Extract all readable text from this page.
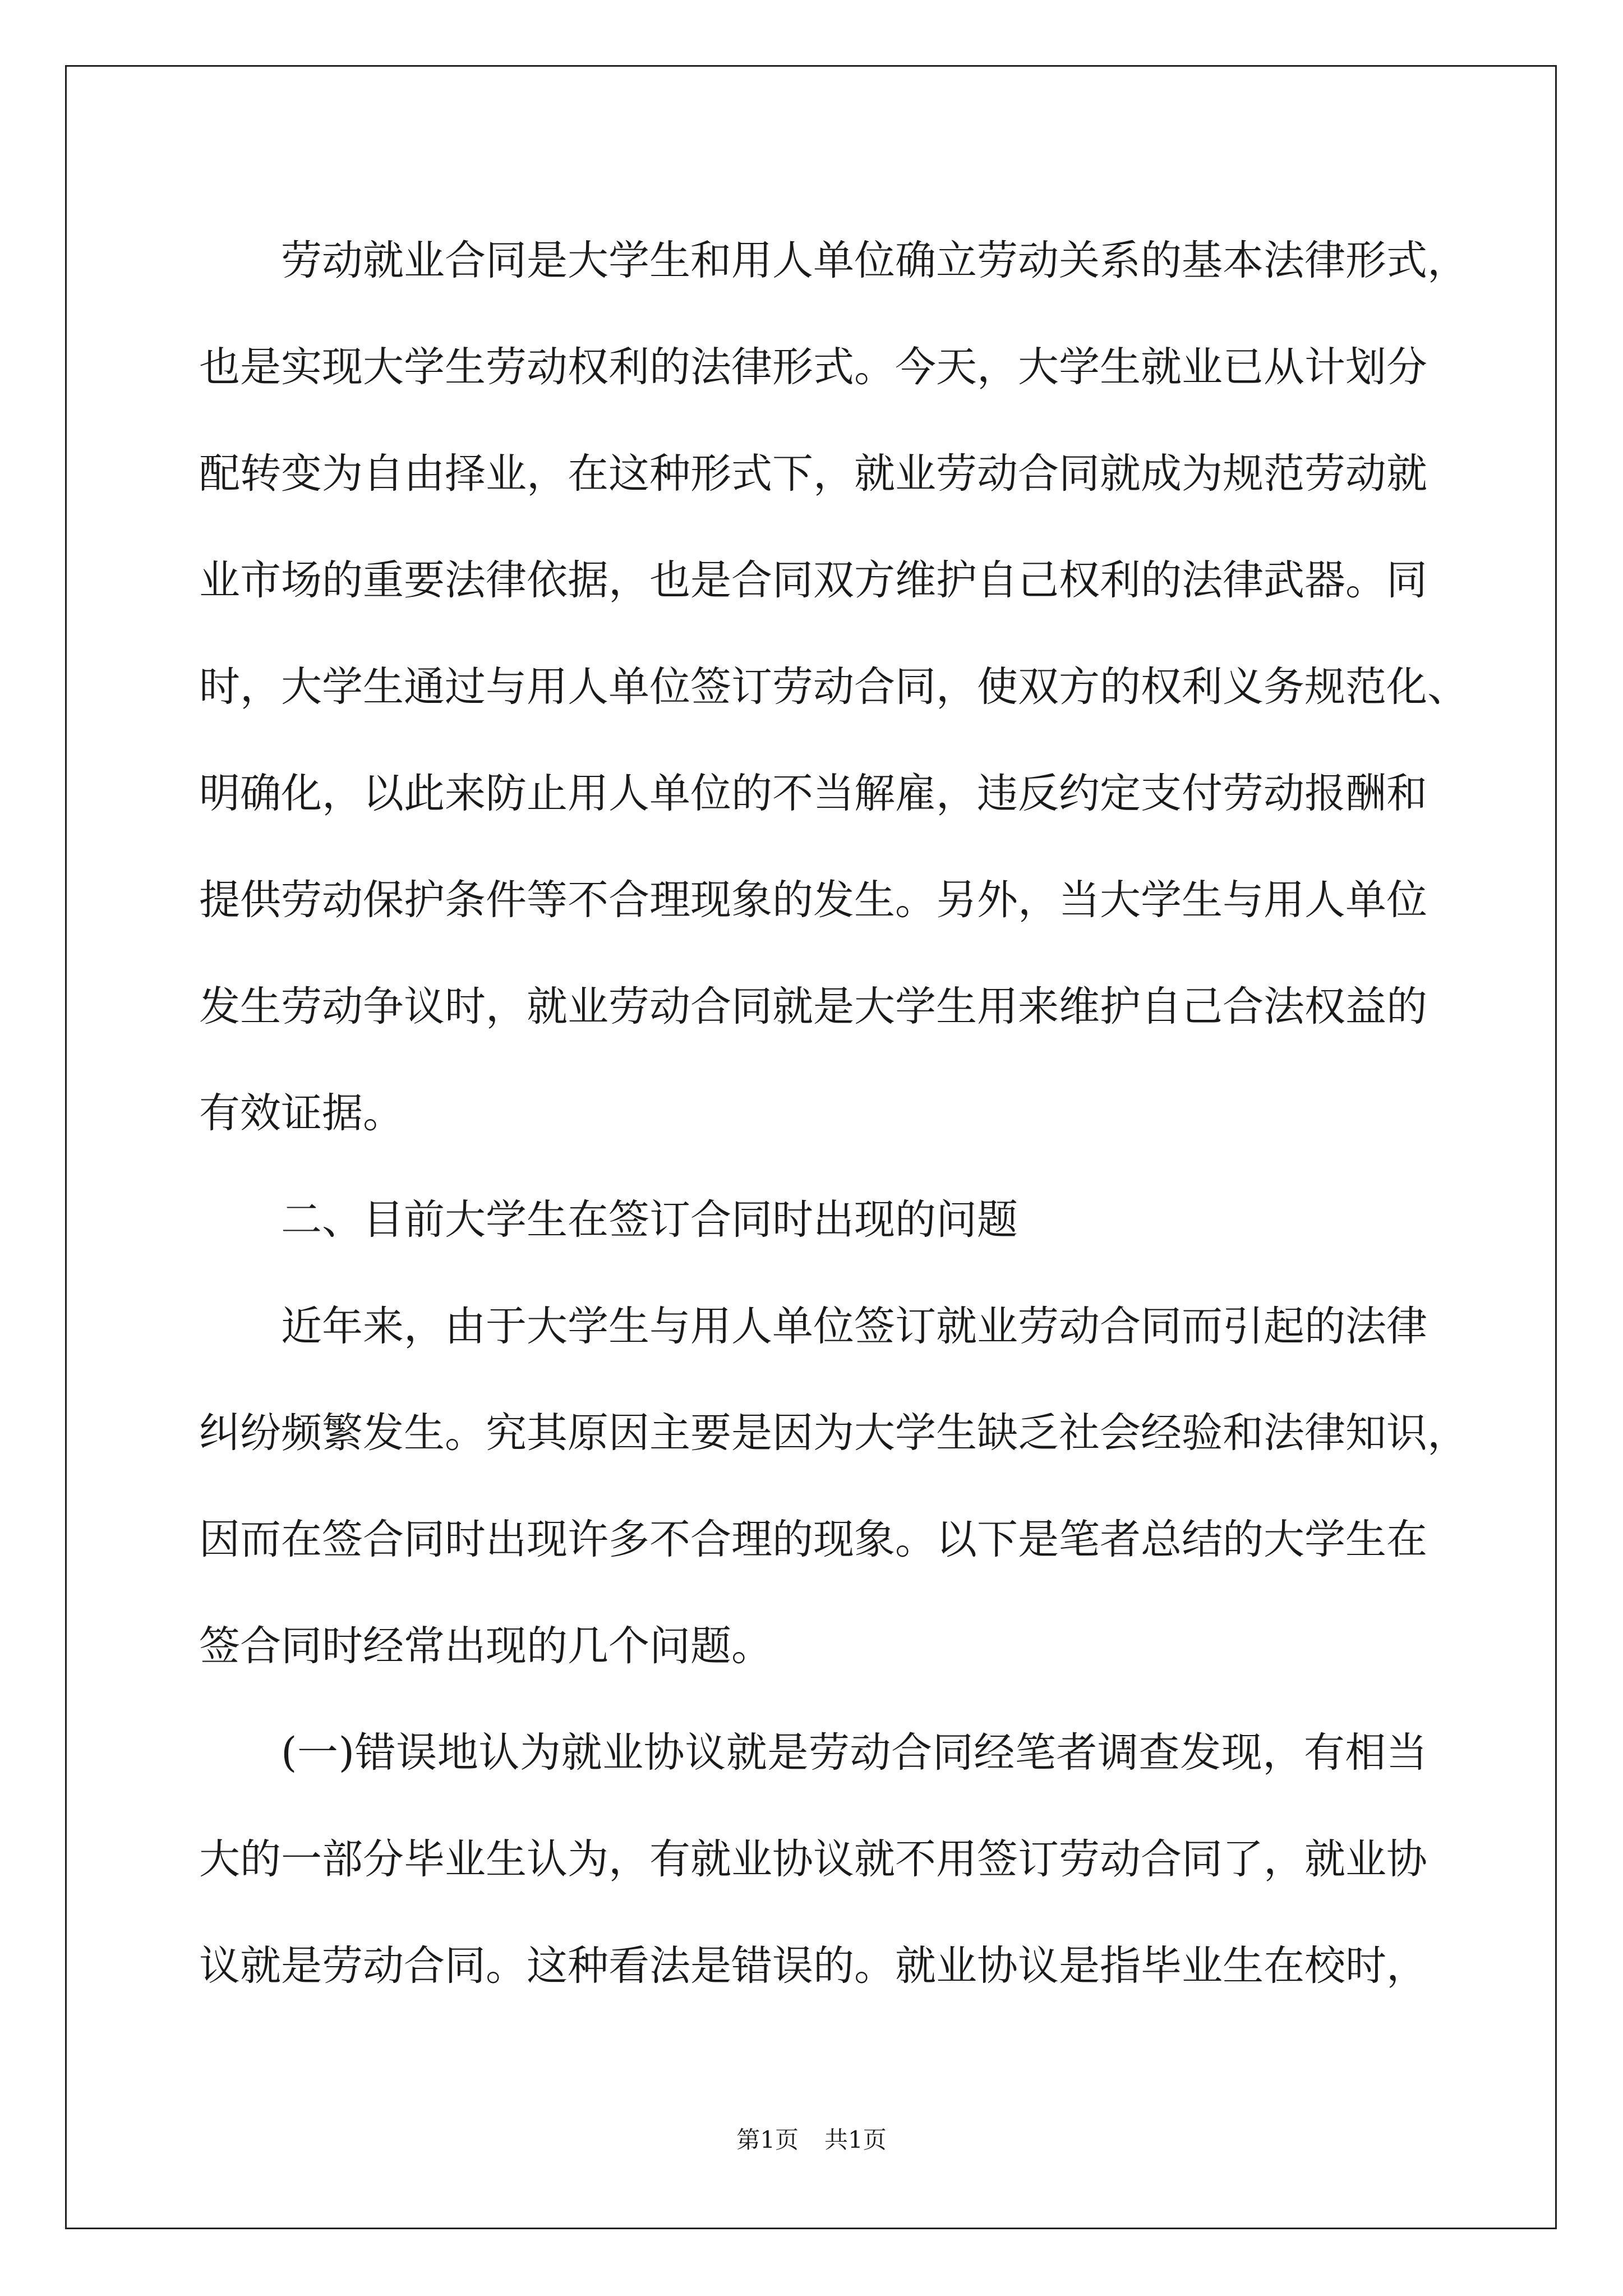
劳动就业合同是大学生和用人单位确立劳动关系的基本法律形式，
也是实现大学生劳动权利的法律形式。今天，大学生就业已从计划分
配转变为自由择业，在这种形式下，就业劳动合同就成为规范劳动就
业市场的重要法律依据，也是合同双方维护自己权利的法律武器。同
时，大学生通过与用人单位签订劳动合同，使双方的权利义务规范化、
明确化，以此来防止用人单位的不当解雇，违反约定支付劳动报酬和
提供劳动保护条件等不合理现象的发生。另外，当大学生与用人单位
发生劳动争议时，就业劳动合同就是大学生用来维护自己合法权益的
有效证据。
二、目前大学生在签订合同时出现的问题
近年来，由于大学生与用人单位签订就业劳动合同而引起的法律
纠纷频繁发生。究其原因主要是因为大学生缺乏社会经验和法律知识，
因而在签合同时出现许多不合理的现象。以下是笔者总结的大学生在
签合同时经常出现的几个问题。
(一)错误地认为就业协议就是劳动合同经笔者调查发现，有相当
大的一部分毕业生认为，有就业协议就不用签订劳动合同了，就业协
议就是劳动合同。这种看法是错误的。就业协议是指毕业生在校时，
第1页 共1页
